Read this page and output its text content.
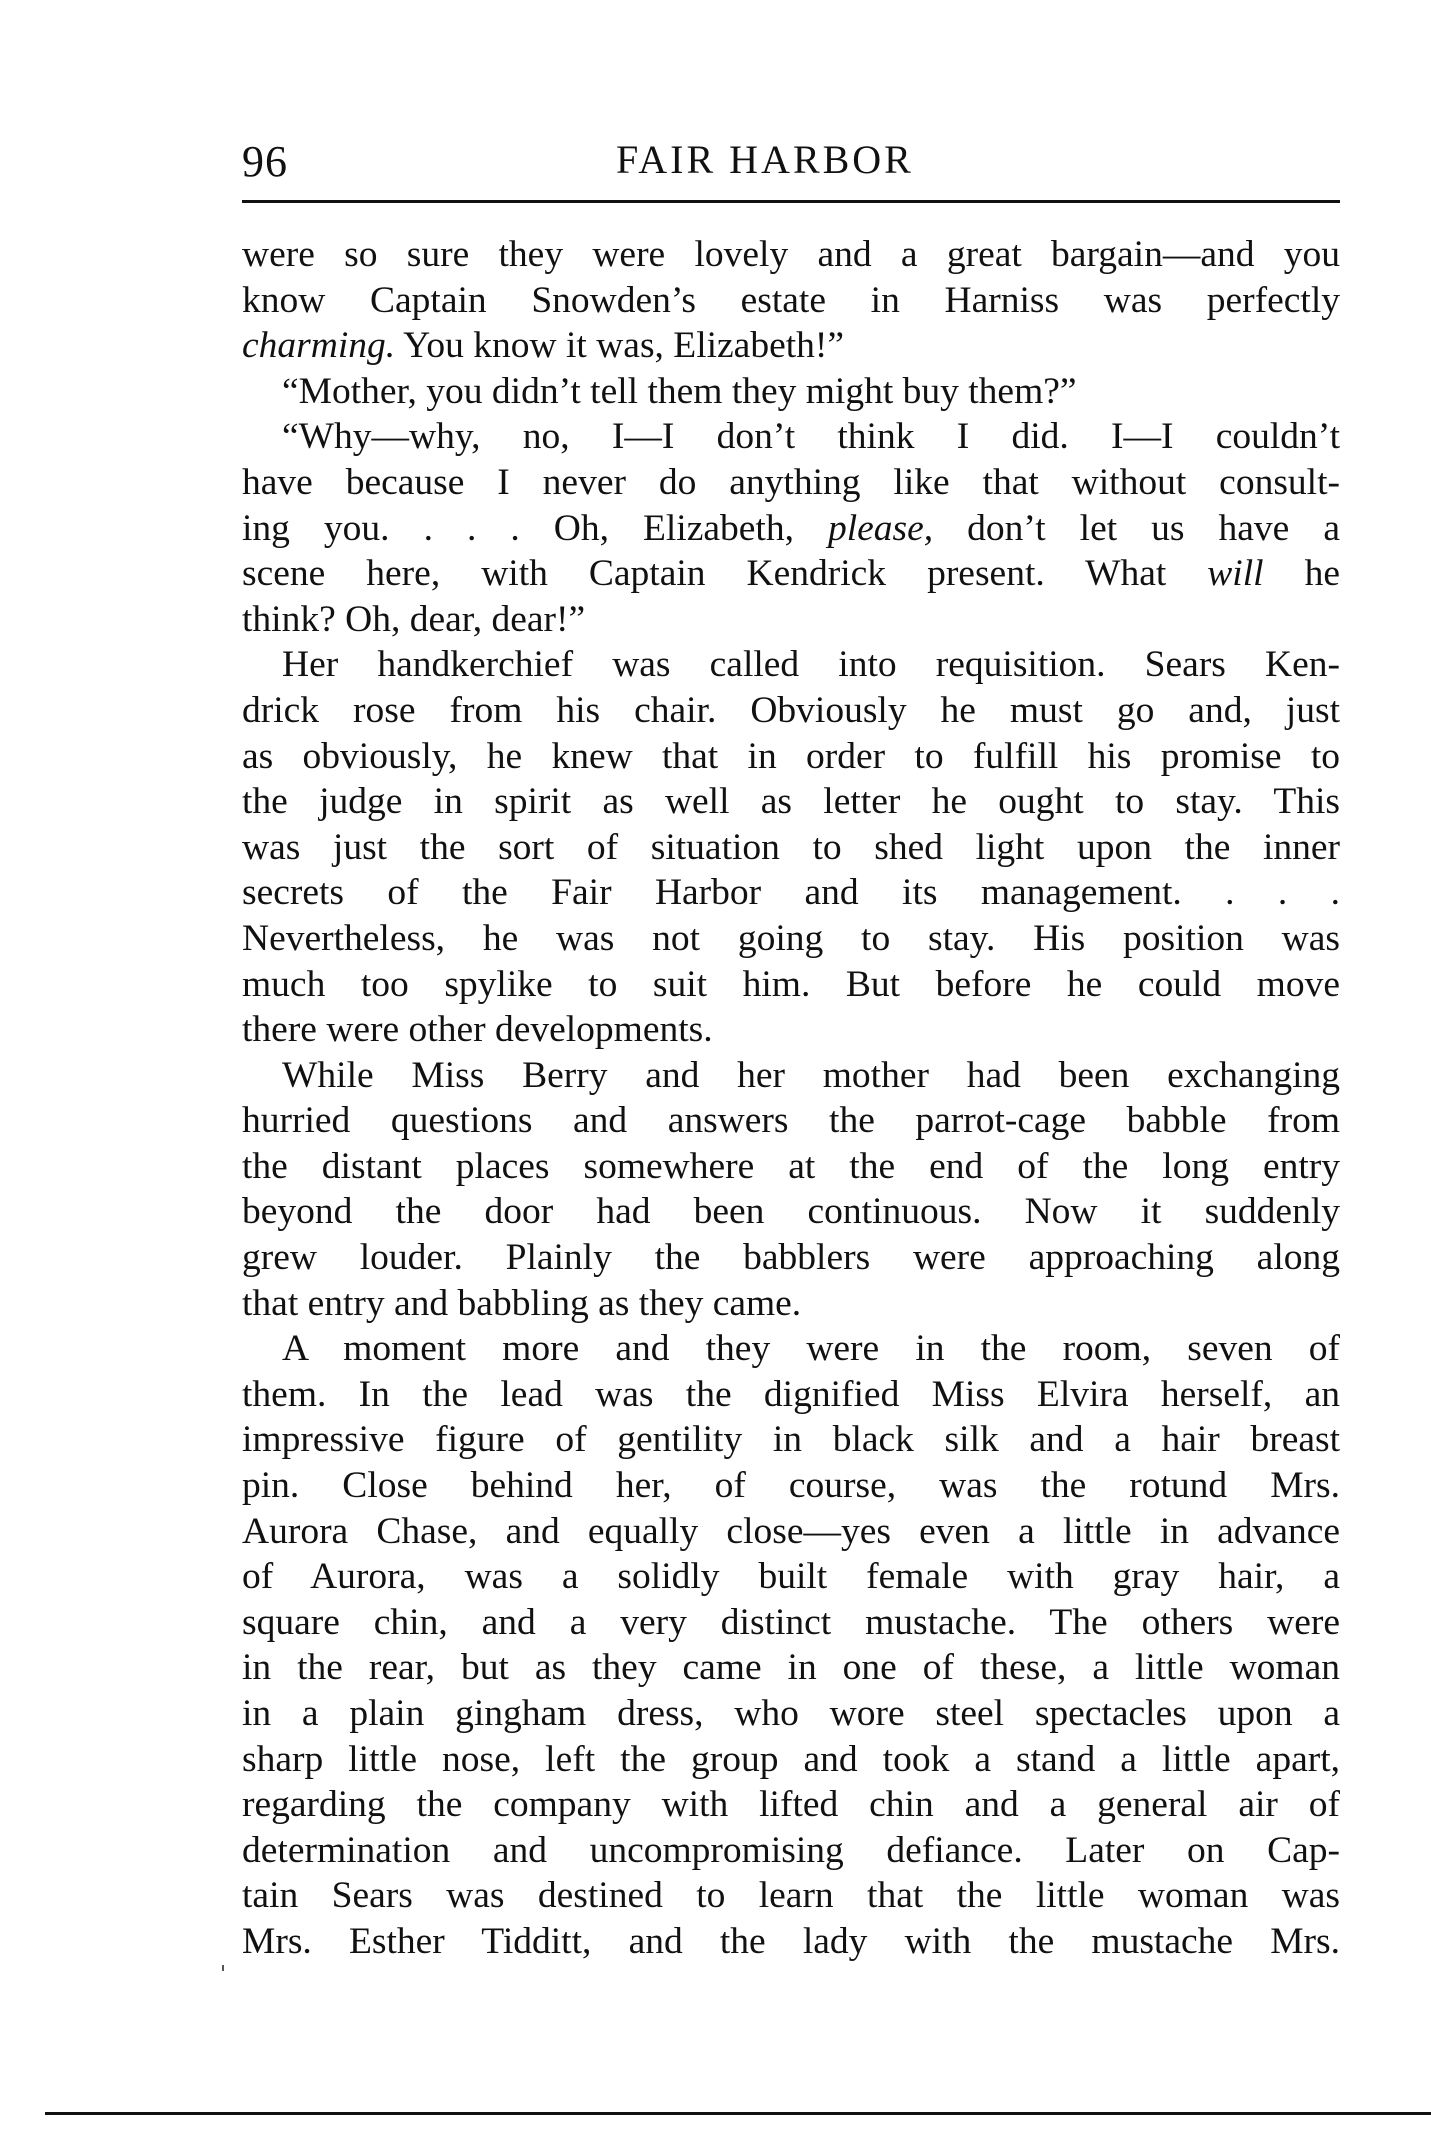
96	FAIR HARBOR
were so sure they were lovely and a great bargain—and you
know Captain Snowden’s estate in Harniss was perfectly
charming. You know it was, Elizabeth!”
“Mother, you didn’t tell them they might buy them?”
“Why—why, no, I—I don’t think I did. I—I couldn’t
have because I never do anything like that without consult-
ing you. . . . Oh, Elizabeth, please, don’t let us have a
scene here, with Captain Kendrick present. What will he
think? Oh, dear, dear!”
Her handkerchief was called into requisition. Sears Ken-
drick rose from his chair. Obviously he must go and, just
as obviously, he knew that in order to fulfill his promise to
the judge in spirit as well as letter he ought to stay. This
was just the sort of situation to shed light upon the inner
secrets of the Fair Harbor and its management. . . .
Nevertheless, he was not going to stay. His position was
much too spylike to suit him. But before he could move
there were other developments.
While Miss Berry and her mother had been exchanging
hurried questions and answers the parrot-cage babble from
the distant places somewhere at the end of the long entry
beyond the door had been continuous. Now it suddenly
grew louder. Plainly the babblers were approaching along
that entry and babbling as they came.
A moment more and they were in the room, seven of
them. In the lead was the dignified Miss Elvira herself, an
impressive figure of gentility in black silk and a hair breast
pin. Close behind her, of course, was the rotund Mrs.
Aurora Chase, and equally close—yes even a little in advance
of Aurora, was a solidly built female with gray hair, a
square chin, and a very distinct mustache. The others were
in the rear, but as they came in one of these, a little woman
in a plain gingham dress, who wore steel spectacles upon a
sharp little nose, left the group and took a stand a little apart,
regarding the company with lifted chin and a general air of
determination and uncompromising defiance. Later on Cap-
tain Sears was destined to learn that the little woman was
Mrs. Esther Tidditt, and the lady with the mustache Mrs.
